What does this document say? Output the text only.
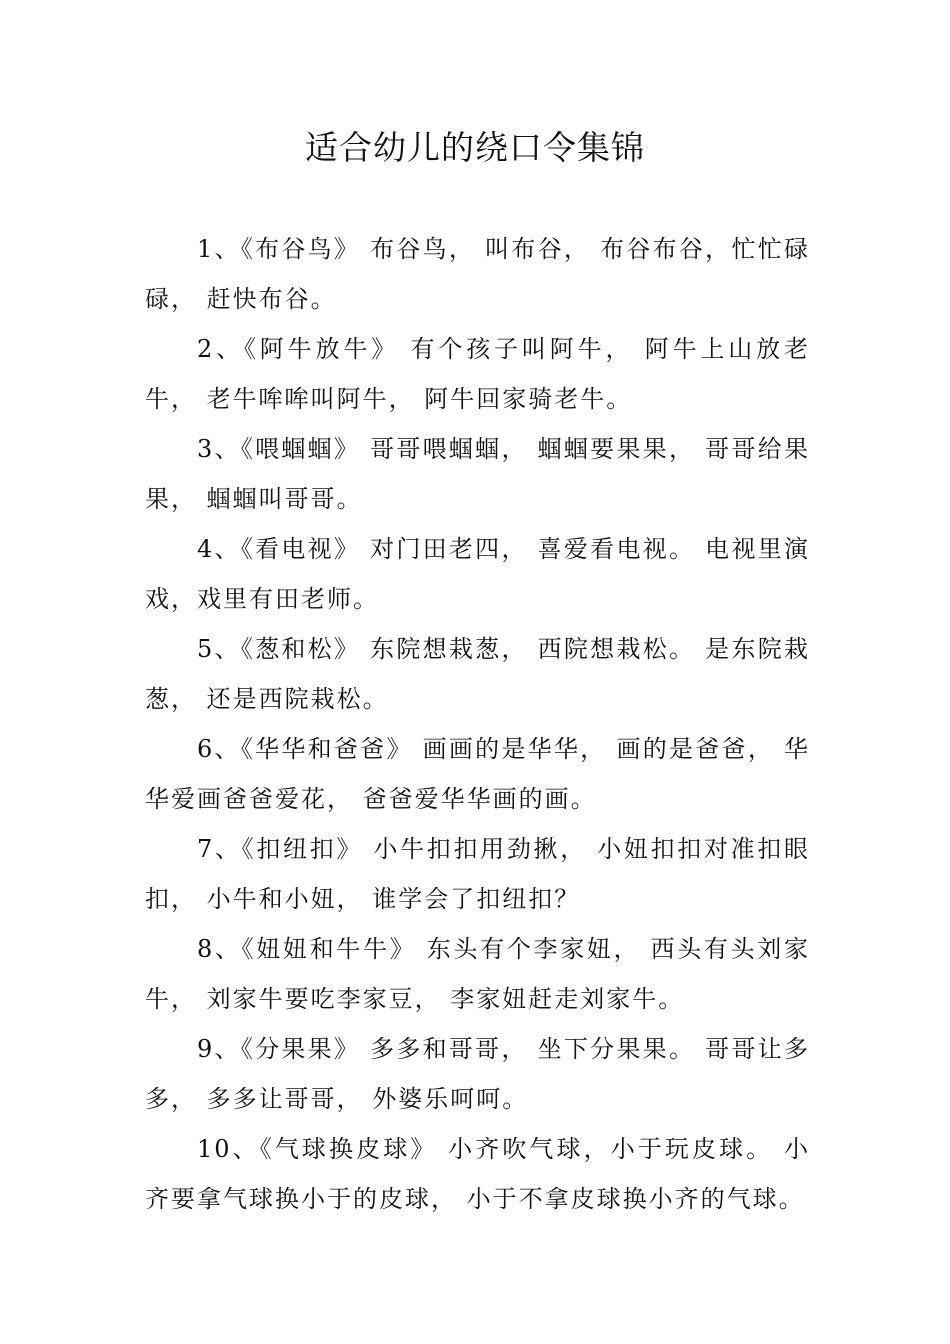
适合幼儿的绕口令集锦

1、《布谷鸟》 布谷鸟， 叫布谷， 布谷布谷，忙忙碌碌， 赶快布谷。

2、《阿牛放牛》 有个孩子叫阿牛， 阿牛上山放老牛， 老牛哞哞叫阿牛， 阿牛回家骑老牛。

3、《喂蝈蝈》 哥哥喂蝈蝈， 蝈蝈要果果， 哥哥给果果， 蝈蝈叫哥哥。

4、《看电视》 对门田老四， 喜爱看电视。 电视里演戏，戏里有田老师。

5、《葱和松》 东院想栽葱， 西院想栽松。 是东院栽葱， 还是西院栽松。

6、《华华和爸爸》 画画的是华华， 画的是爸爸， 华华爱画爸爸爱花， 爸爸爱华华画的画。

7、《扣纽扣》 小牛扣扣用劲揪， 小妞扣扣对准扣眼扣， 小牛和小妞， 谁学会了扣纽扣？

8、《妞妞和牛牛》 东头有个李家妞， 西头有头刘家牛， 刘家牛要吃李家豆， 李家妞赶走刘家牛。

9、《分果果》 多多和哥哥， 坐下分果果。 哥哥让多多， 多多让哥哥， 外婆乐呵呵。

10、《气球换皮球》 小齐吹气球，小于玩皮球。 小齐要拿气球换小于的皮球， 小于不拿皮球换小齐的气球。
